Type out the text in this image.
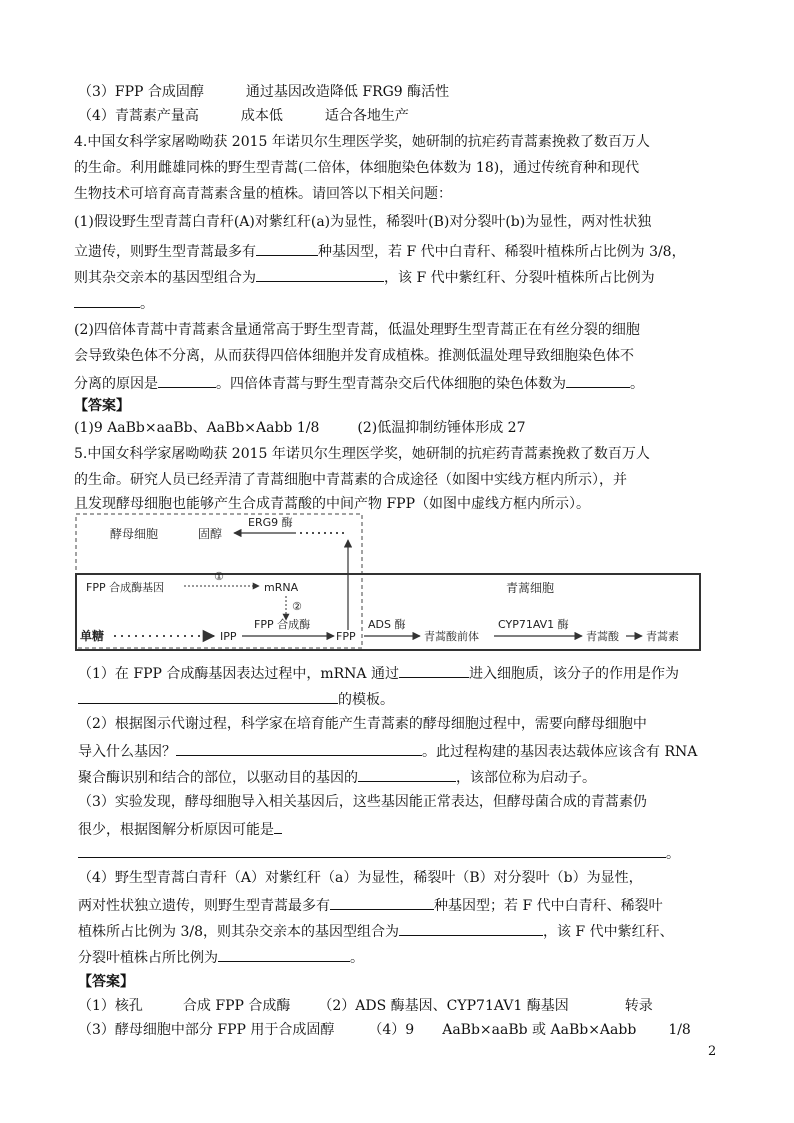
（3）FPP 合成固醇	通过基因改造降低 FRG9 酶活性
（4）青蒿素产量高	成本低	适合各地生产
4.中国女科学家屠呦呦获 2015 年诺贝尔生理医学奖，她研制的抗疟药青蒿素挽救了数百万人
的生命。利用雌雄同株的野生型青蒿(二倍体，体细胞染色体数为 18)，通过传统育种和现代
生物技术可培育高青蒿素含量的植株。请回答以下相关问题：
(1)假设野生型青蒿白青秆(A)对紫红秆(a)为显性，稀裂叶(B)对分裂叶(b)为显性，两对性状独
立遗传，则野生型青蒿最多有	种基因型，若 F 代中白青秆、稀裂叶植株所占比例为 3/8，
则其杂交亲本的基因型组合为	，该 F 代中紫红秆、分裂叶植株所占比例为
。
(2)四倍体青蒿中青蒿素含量通常高于野生型青蒿，低温处理野生型青蒿正在有丝分裂的细胞
会导致染色体不分离，从而获得四倍体细胞并发育成植株。推测低温处理导致细胞染色体不
分离的原因是	。四倍体青蒿与野生型青蒿杂交后代体细胞的染色体数为	。
【答案】
(1)9 AaBb×aaBb、AaBb×Aabb 1/8	(2)低温抑制纺锤体形成 27
5.中国女科学家屠呦呦获 2015 年诺贝尔生理医学奖，她研制的抗疟药青蒿素挽救了数百万人
的生命。研究人员已经弄清了青蒿细胞中青蒿素的合成途径（如图中实线方框内所示），并
且发现酵母细胞也能够产生合成青蒿酸的中间产物 FPP（如图中虚线方框内所示）。
酵母细胞	固醇
ERG9 酶
FPP 合成酶基因
①
mRNA
②
青蒿细胞
单糖	IPP
FPP 合成酶
FPP
ADS 酶
青蒿酸前体
CYP71AV1 酶
青蒿酸 青蒿素
（1）在 FPP 合成酶基因表达过程中，mRNA 通过	进入细胞质，该分子的作用是作为
的模板。
（2）根据图示代谢过程，科学家在培育能产生青蒿素的酵母细胞过程中，需要向酵母细胞中
导入什么基因？	。此过程构建的基因表达载体应该含有 RNA
聚合酶识别和结合的部位，以驱动目的基因的	，该部位称为启动子。
（3）实验发现，酵母细胞导入相关基因后，这些基因能正常表达，但酵母菌合成的青蒿素仍
很少，根据图解分析原因可能是
。
（4）野生型青蒿白青秆（A）对紫红秆（a）为显性，稀裂叶（B）对分裂叶（b）为显性，
两对性状独立遗传，则野生型青蒿最多有	种基因型；若 F 代中白青秆、稀裂叶
植株所占比例为 3/8，则其杂交亲本的基因型组合为	，该 F 代中紫红秆、
分裂叶植株占所比例为	。
【答案】
（1）核孔	合成 FPP 合成酶 （2）ADS 酶基因、CYP71AV1 酶基因	转录
（3）酵母细胞中部分 FPP 用于合成固醇 （4）9 AaBb×aaBb 或 AaBb×Aabb 1/8
2
